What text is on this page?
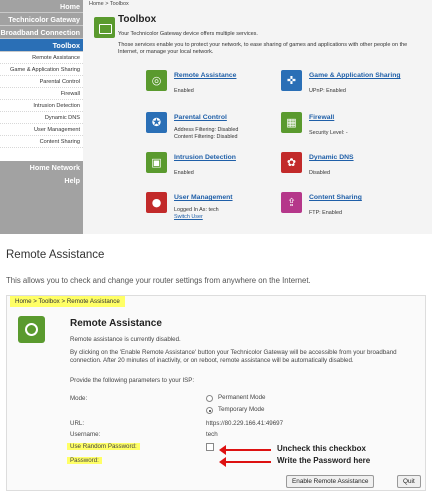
Home
Technicolor Gateway
Broadband Connection
Toolbox
Remote Assistance
Game & Application Sharing
Parental Control
Firewall
Intrusion Detection
Dynamic DNS
User Management
Content Sharing
Home Network
Help
Home > Toolbox
Toolbox
Your Technicolor Gateway device offers multiple services.
Those services enable you to protect your network, to ease sharing of games and applications with other people on the Internet, or manage your local network.
◎	Remote Assistance
Enabled
✜	Game & Application Sharing
UPnP: Enabled
✪	Parental Control
Address Filtering: Disabled
Content Filtering: Disabled
▦	Firewall
Security Level: -
▣	Intrusion Detection
Enabled
✿	Dynamic DNS
Disabled
●	User Management
Logged In As: tech
Switch User
⇪	Content Sharing
FTP: Enabled
Remote Assistance
This allows you to check and change your router settings from anywhere on the Internet.
Home > Toolbox > Remote Assistance
Remote Assistance
Remote assistance is currently disabled.
By clicking on the 'Enable Remote Assistance' button your Technicolor Gateway will be accessible from your broadband connection. After 20 minutes of inactivity, or on reboot, remote assistance will be automatically disabled.
Provide the following parameters to your ISP:
Mode:	Permanent Mode
Temporary Mode
URL:	https://80.229.166.41:49697
Username:	tech
Use Random Password:
Password:
Uncheck this checkbox
Write the Password here
Enable Remote Assistance	Quit
